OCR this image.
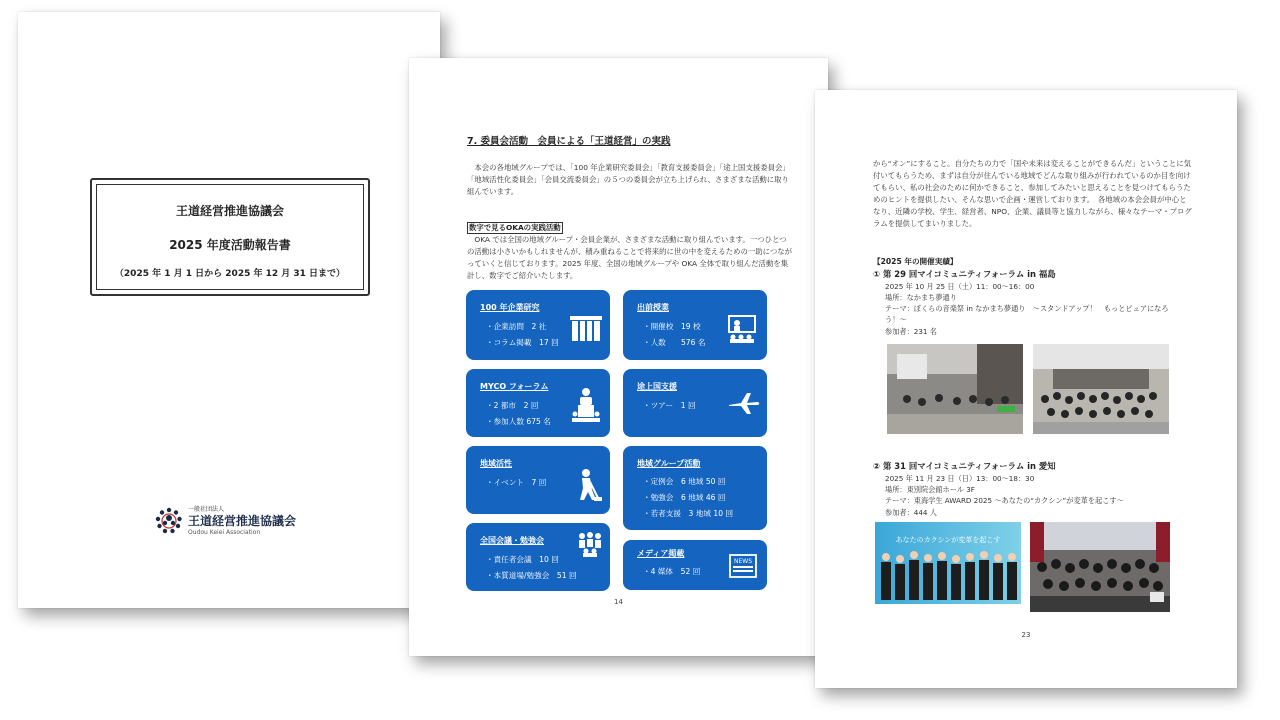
王道経営推進協議会
2025 年度活動報告書
（2025 年 1 月 1 日から 2025 年 12 月 31 日まで）
一般社団法人
王道経営推進協議会
Oudou Keiei Association
7. 委員会活動　会員による「王道経営」の実践
本会の各地域グループでは、「100 年企業研究委員会」「教育支援委員会」「途上国支援委員会」「地域活性化委員会」「会員交流委員会」の５つの委員会が立ち上げられ、さまざまな活動に取り組んでいます。
数字で見るOKAの実践活動
OKA では全国の地域グループ・会員企業が、さまざまな活動に取り組んでいます。一つひとつの活動は小さいかもしれませんが、積み重ねることで将来的に世の中を変えるための一助につながっていくと信じております。2025 年度、全国の地域グループや OKA 全体で取り組んだ活動を集計し、数字でご紹介いたします。
100 年企業研究
・企業訪問　2 社
・コラム掲載　17 回
出前授業
・開催校　19 校
・人数　　576 名
MYCO フォーラム
・2 都市　2 回
・参加人数 675 名
途上国支援
・ツアー　1 回
地域活性
・イベント　7 回
地域グループ活動
・定例会　6 地域 50 回
・勉強会　6 地域 46 回
・若者支援　3 地域 10 回
全国会議・勉強会
・責任者会議　10 回
・本質道場/勉強会　51 回
メディア掲載
・4 媒体　52 回
NEWS
14
から“オン”にすること。自分たちの力で「国や未来は変えることができるんだ」ということに気付いてもらうため、まずは自分が住んでいる地域でどんな取り組みが行われているのか目を向けてもらい、私の社会のために何かできること、参加してみたいと思えることを見つけてもらうためのヒントを提供したい、そんな思いで企画・運営しております。　各地域の本会会員が中心となり、近隣の学校、学生、経営者、NPO、企業、議員等と協力しながら、様々なテーマ・プログラムを提供してまいりました。
【2025 年の開催実績】
① 第 29 回マイコミュニティフォーラム in 福島
2025 年 10 月 25 日（土）11：00〜16：00
場所：なかまち夢通り
テーマ：ぼくらの音楽祭 in なかまち夢通り　〜スタンドアップ！　もっとピュアになろう！〜
参加者：231 名
② 第 31 回マイコミュニティフォーラム in 愛知
2025 年 11 月 23 日（日）13：00〜18：30
場所：東別院会館ホール 3F
テーマ：東海学生 AWARD 2025 〜あなたの“カクシン”が変革を起こす〜
参加者：444 人
あなたのカクシンが変革を起こす
23
